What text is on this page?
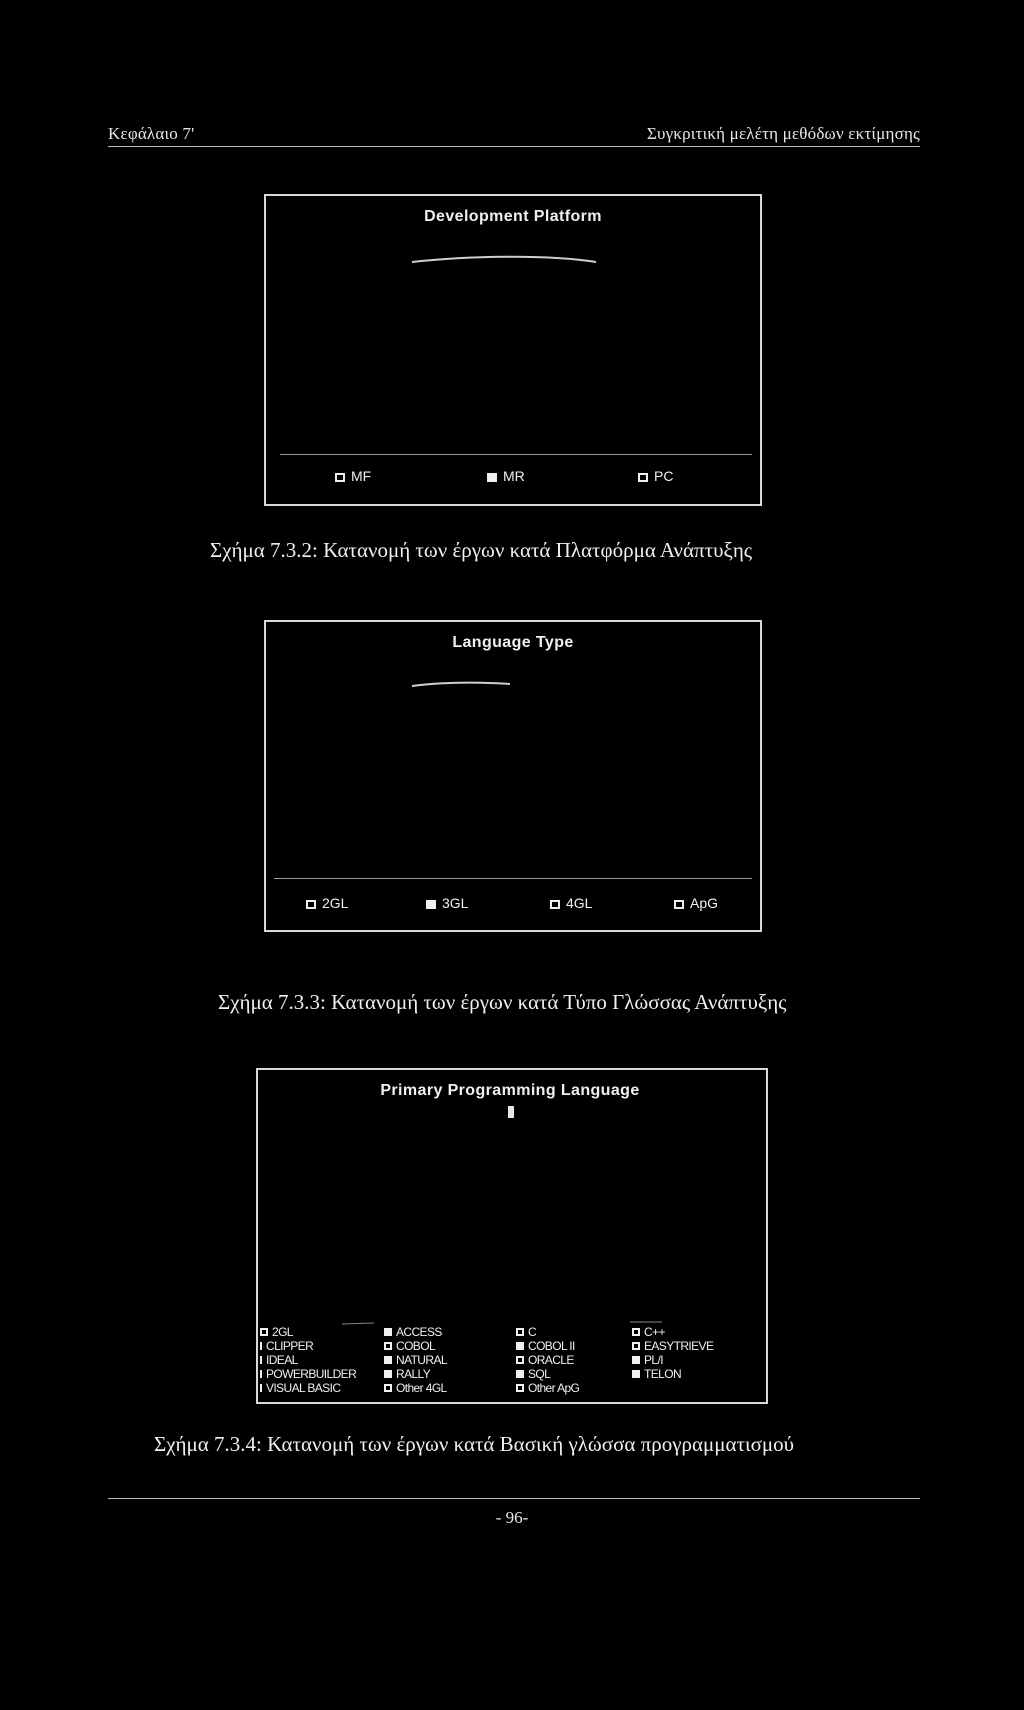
Κεφάλαιο 7'	Συγκριτική μελέτη μεθόδων εκτίμησης
Development Platform
MF	MR	PC
Σχήμα 7.3.2: Κατανομή των έργων κατά Πλατφόρμα Ανάπτυξης
Language Type
2GL	3GL	4GL	ApG
Σχήμα 7.3.3: Κατανομή των έργων κατά Τύπο Γλώσσας Ανάπτυξης
Primary Programming Language
2GL
CLIPPER
IDEAL
POWERBUILDER
VISUAL BASIC
ACCESS
COBOL
NATURAL
RALLY
Other 4GL
C
COBOL II
ORACLE
SQL
Other ApG
C++
EASYTRIEVE
PL/I
TELON
Σχήμα 7.3.4: Κατανομή των έργων κατά Βασική γλώσσα προγραμματισμού
- 96-
